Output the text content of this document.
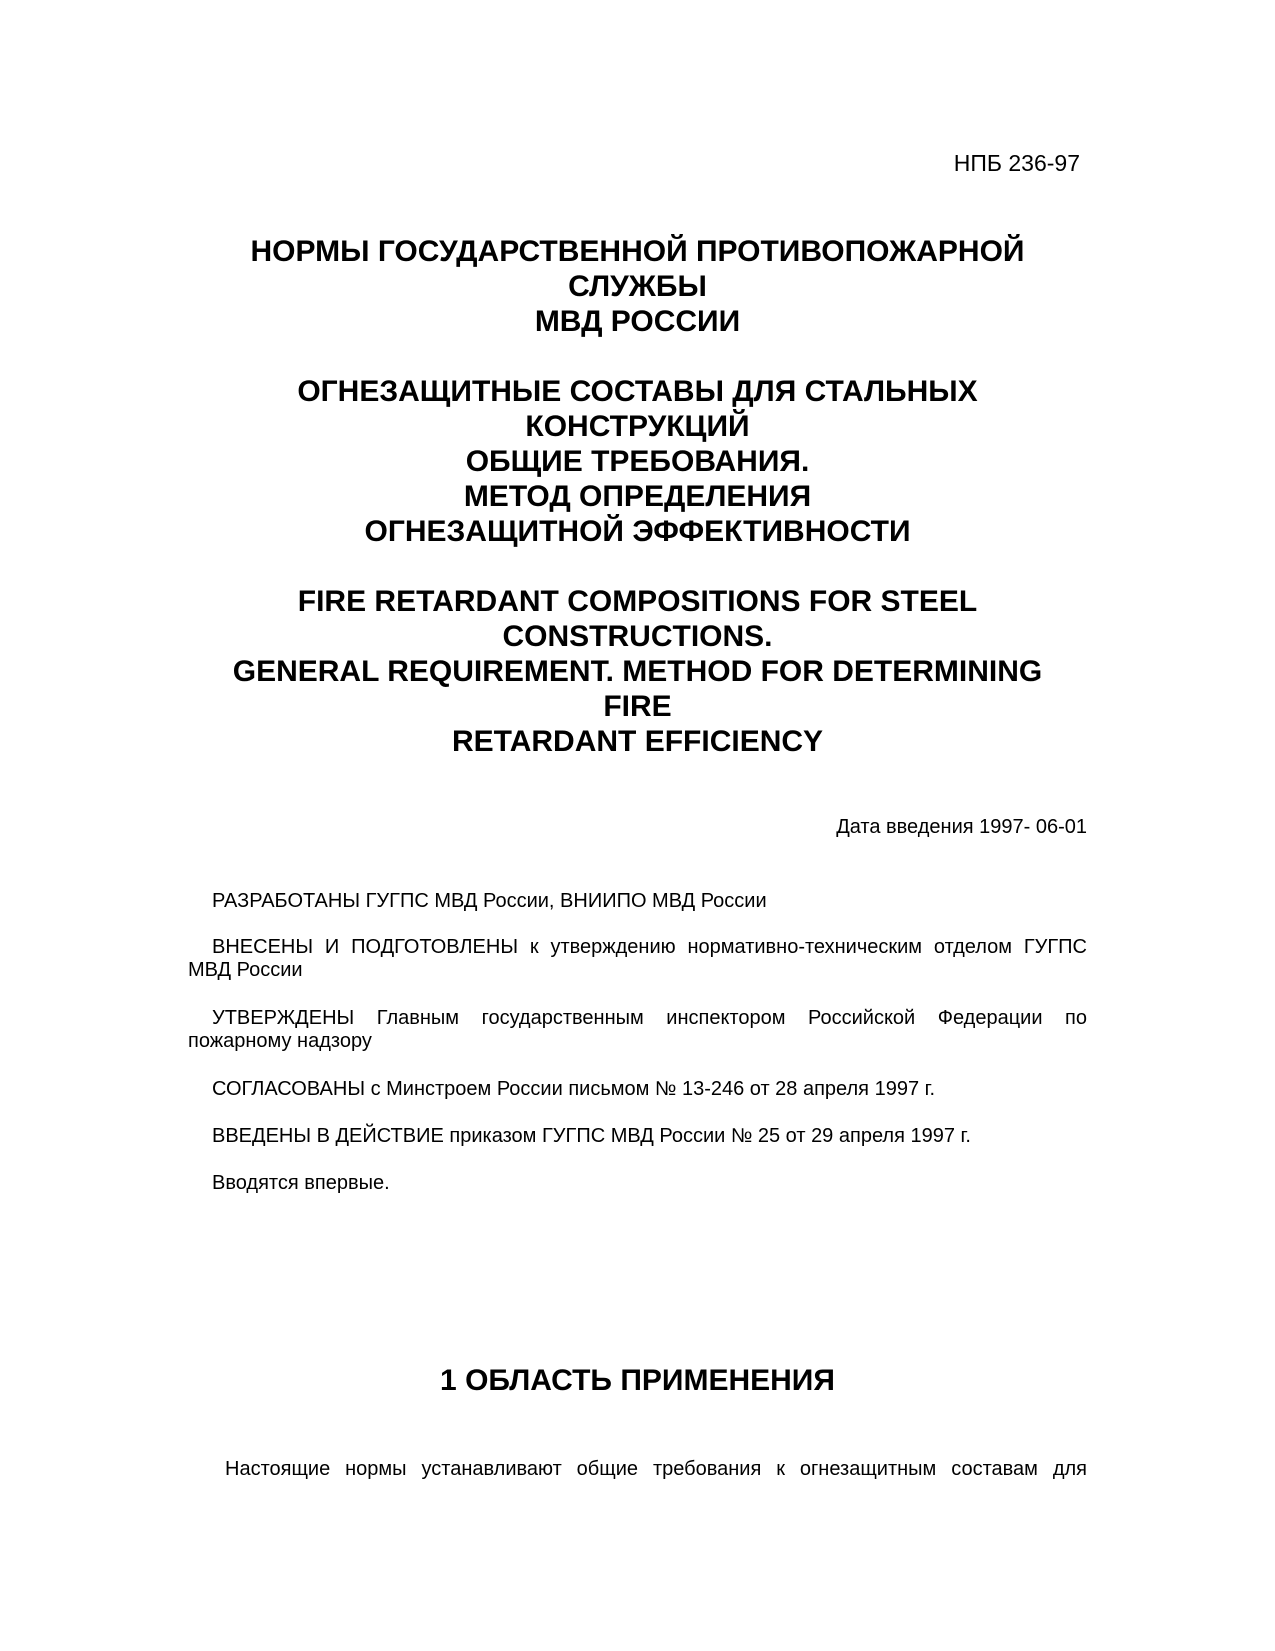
НПБ 236-97
НОРМЫ ГОСУДАРСТВЕННОЙ ПРОТИВОПОЖАРНОЙ
СЛУЖБЫ
МВД РОССИИ
ОГНЕЗАЩИТНЫЕ СОСТАВЫ ДЛЯ СТАЛЬНЫХ
КОНСТРУКЦИЙ
ОБЩИЕ ТРЕБОВАНИЯ.
МЕТОД ОПРЕДЕЛЕНИЯ
ОГНЕЗАЩИТНОЙ ЭФФЕКТИВНОСТИ
FIRE RETARDANT COMPOSITIONS FOR STEEL
CONSTRUCTIONS.
GENERAL REQUIREMENT. METHOD FOR DETERMINING
FIRE
RETARDANT EFFICIENCY
Дата введения 1997- 06-01

РАЗРАБОТАНЫ ГУГПС МВД России, ВНИИПО МВД России

ВНЕСЕНЫ И ПОДГОТОВЛЕНЫ к утверждению нормативно-техническим отделом ГУГПС МВД России

УТВЕРЖДЕНЫ Главным государственным инспектором Российской Федерации по пожарному надзору

СОГЛАСОВАНЫ с Минстроем России письмом № 13-246 от 28 апреля 1997 г.

ВВЕДЕНЫ В ДЕЙСТВИЕ приказом ГУГПС МВД России № 25 от 29 апреля 1997 г.

Вводятся впервые.

1 ОБЛАСТЬ ПРИМЕНЕНИЯ
Настоящие нормы устанавливают общие требования к огнезащитным составам для
